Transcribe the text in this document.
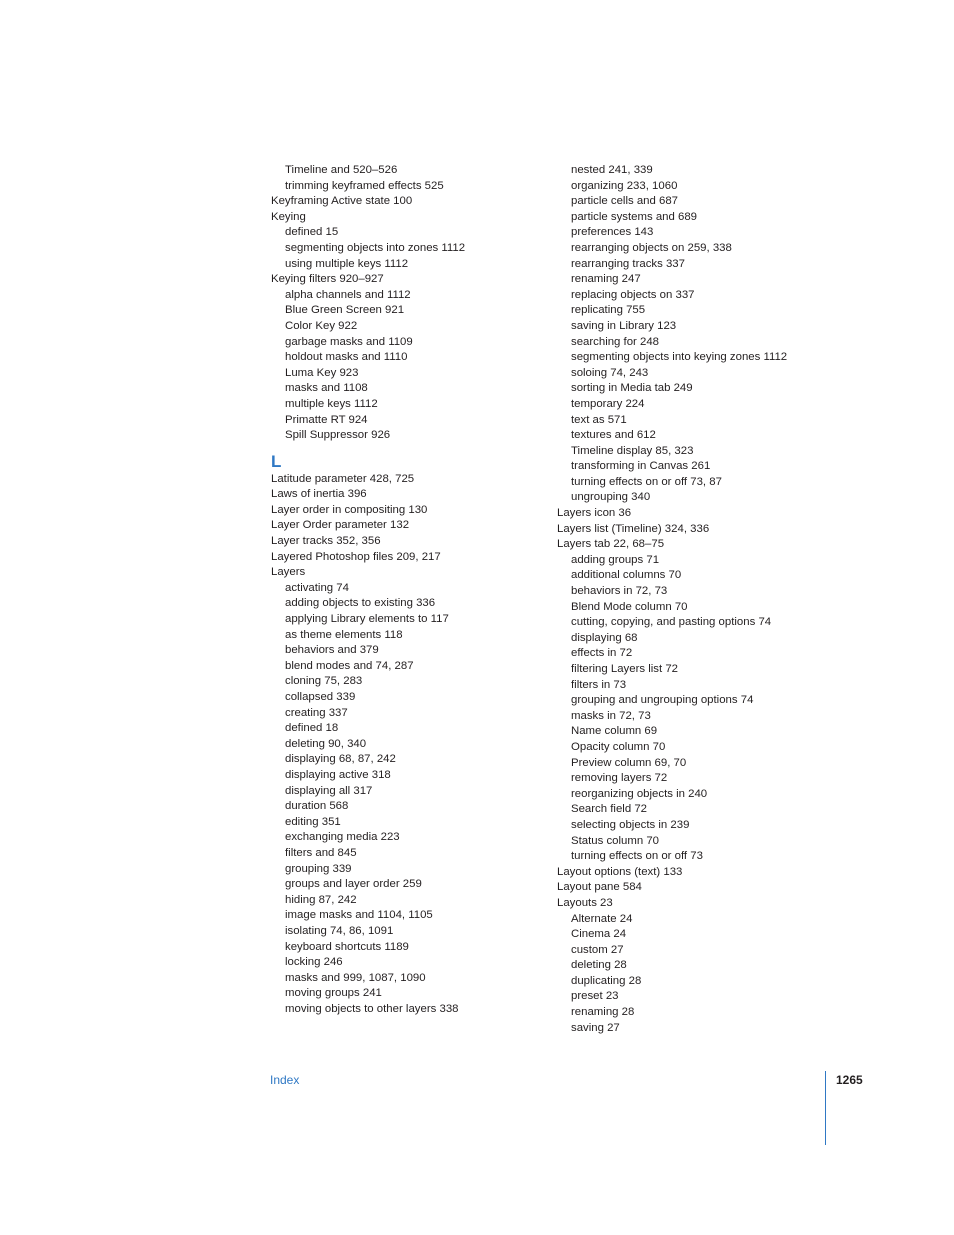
Timeline and 520–526
trimming keyframed effects 525
Keyframing Active state 100
Keying
defined 15
segmenting objects into zones 1112
using multiple keys 1112
Keying filters 920–927
alpha channels and 1112
Blue Green Screen 921
Color Key 922
garbage masks and 1109
holdout masks and 1110
Luma Key 923
masks and 1108
multiple keys 1112
Primatte RT 924
Spill Suppressor 926
L
Latitude parameter 428, 725
Laws of inertia 396
Layer order in compositing 130
Layer Order parameter 132
Layer tracks 352, 356
Layered Photoshop files 209, 217
Layers
activating 74
adding objects to existing 336
applying Library elements to 117
as theme elements 118
behaviors and 379
blend modes and 74, 287
cloning 75, 283
collapsed 339
creating 337
defined 18
deleting 90, 340
displaying 68, 87, 242
displaying active 318
displaying all 317
duration 568
editing 351
exchanging media 223
filters and 845
grouping 339
groups and layer order 259
hiding 87, 242
image masks and 1104, 1105
isolating 74, 86, 1091
keyboard shortcuts 1189
locking 246
masks and 999, 1087, 1090
moving groups 241
moving objects to other layers 338
nested 241, 339
organizing 233, 1060
particle cells and 687
particle systems and 689
preferences 143
rearranging objects on 259, 338
rearranging tracks 337
renaming 247
replacing objects on 337
replicating 755
saving in Library 123
searching for 248
segmenting objects into keying zones 1112
soloing 74, 243
sorting in Media tab 249
temporary 224
text as 571
textures and 612
Timeline display 85, 323
transforming in Canvas 261
turning effects on or off 73, 87
ungrouping 340
Layers icon 36
Layers list (Timeline) 324, 336
Layers tab 22, 68–75
adding groups 71
additional columns 70
behaviors in 72, 73
Blend Mode column 70
cutting, copying, and pasting options 74
displaying 68
effects in 72
filtering Layers list 72
filters in 73
grouping and ungrouping options 74
masks in 72, 73
Name column 69
Opacity column 70
Preview column 69, 70
removing layers 72
reorganizing objects in 240
Search field 72
selecting objects in 239
Status column 70
turning effects on or off 73
Layout options (text) 133
Layout pane 584
Layouts 23
Alternate 24
Cinema 24
custom 27
deleting 28
duplicating 28
preset 23
renaming 28
saving 27
Index	1265
